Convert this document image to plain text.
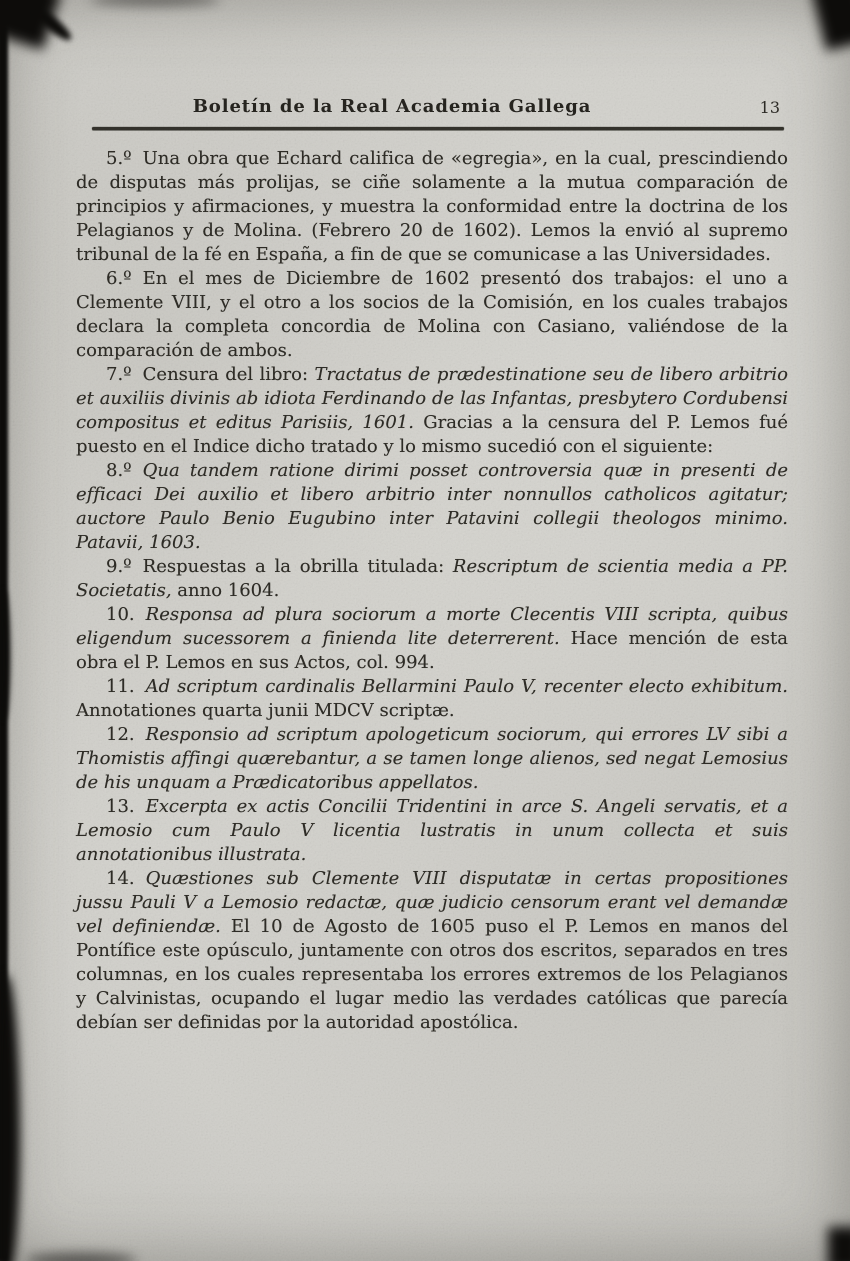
Boletín de la Real Academia Gallega	13

5.º Una obra que Echard califica de «egregia», en la cual, prescindiendo de disputas más prolijas, se ciñe solamente a la mutua comparación de principios y afirmaciones, y muestra la conformidad entre la doctrina de los Pelagianos y de Molina. (Febrero 20 de 1602). Lemos la envió al supremo tribunal de la fé en España, a fin de que se comunicase a las Universidades.

6.º En el mes de Diciembre de 1602 presentó dos trabajos: el uno a Clemente VIII, y el otro a los socios de la Comisión, en los cuales trabajos declara la completa concordia de Molina con Casiano, valiéndose de la comparación de ambos.

7.º Censura del libro: Tractatus de prædestinatione seu de libero arbitrio et auxiliis divinis ab idiota Ferdinando de las Infantas, presbytero Cordubensi compositus et editus Parisiis, 1601. Gracias a la censura del P. Lemos fué puesto en el Indice dicho tratado y lo mismo sucedió con el siguiente:

8.º Qua tandem ratione dirimi posset controversia quæ in presenti de efficaci Dei auxilio et libero arbitrio inter nonnullos catholicos agitatur; auctore Paulo Benio Eugubino inter Patavini collegii theologos minimo. Patavii, 1603.

9.º Respuestas a la obrilla titulada: Rescriptum de scientia media a PP. Societatis, anno 1604.

10. Responsa ad plura sociorum a morte Clecentis VIII scripta, quibus eligendum sucessorem a finienda lite deterrerent. Hace mención de esta obra el P. Lemos en sus Actos, col. 994.

11. Ad scriptum cardinalis Bellarmini Paulo V, recenter electo exhibitum. Annotationes quarta junii MDCV scriptæ.

12. Responsio ad scriptum apologeticum sociorum, qui errores LV sibi a Thomistis affingi quærebantur, a se tamen longe alienos, sed negat Lemosius de his unquam a Prædicatoribus appellatos.

13. Excerpta ex actis Concilii Tridentini in arce S. Angeli servatis, et a Lemosio cum Paulo V licentia lustratis in unum collecta et suis annotationibus illustrata.

14. Quæstiones sub Clemente VIII disputatæ in certas propositiones jussu Pauli V a Lemosio redactæ, quæ judicio censorum erant vel demandæ vel definiendæ. El 10 de Agosto de 1605 puso el P. Lemos en manos del Pontífice este opúsculo, juntamente con otros dos escritos, separados en tres columnas, en los cuales representaba los errores extremos de los Pelagianos y Calvinistas, ocupando el lugar medio las verdades católicas que parecía debían ser definidas por la autoridad apostólica.
